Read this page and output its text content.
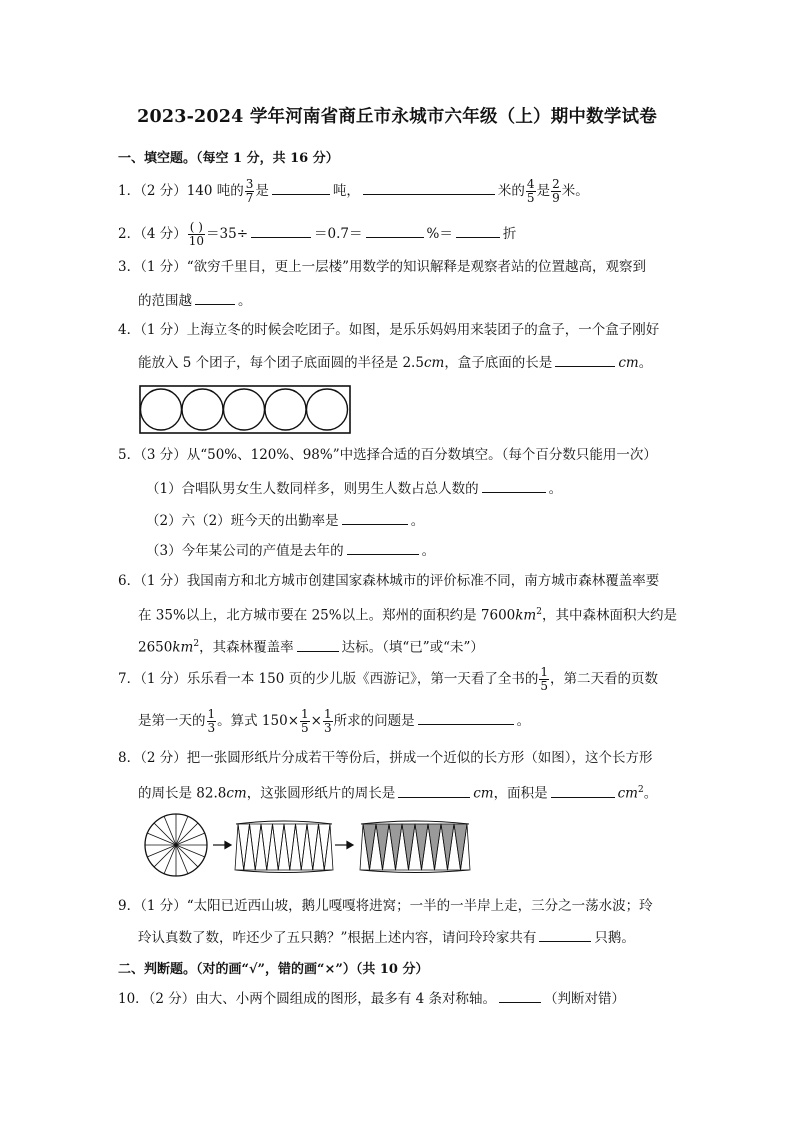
2023-2024 学年河南省商丘市永城市六年级（上）期中数学试卷
一、填空题。（每空 1 分，共 16 分）
1．（2 分）140 吨的 $\frac{3}{7}$ 是	吨，	米的 $\frac{4}{5}$ 是 $\frac{2}{9}$ 米。
2．（4 分） $\frac{( )}{10} =35\div$	＝0.7＝	%＝	折
3．（1 分）“欲穷千里目，更上一层楼”用数学的知识解释是观察者站的位置越高，观察到
的范围越	。
4．（1 分）上海立冬的时候会吃团子。如图，是乐乐妈妈用来装团子的盒子，一个盒子刚好
能放入 5 个团子，每个团子底面圆的半径是 2.5cm，盒子底面的长是	cm。
5．（3 分）从“50%、120%、98%”中选择合适的百分数填空。（每个百分数只能用一次）
（1）合唱队男女生人数同样多，则男生人数占总人数的	。
（2）六（2）班今天的出勤率是	。
（3）今年某公司的产值是去年的	。
6．（1 分）我国南方和北方城市创建国家森林城市的评价标准不同，南方城市森林覆盖率要
在 35%以上，北方城市要在 25%以上。郑州的面积约是 $7600km^2$，其中森林面积大约是
$2650km^2$，其森林覆盖率	达标。（填“已”或“未”）
7．（1 分）乐乐看一本 150 页的少儿版《西游记》，第一天看了全书的 $\frac{1}{5}$ ，第二天看的页数
是第一天的 $\frac{1}{3}$ 。算式 $150\times \frac{1}{5} \times \frac{1}{3}$ 所求的问题是	。
8．（2 分）把一张圆形纸片分成若干等份后，拼成一个近似的长方形（如图），这个长方形
的周长是 82.8cm，这张圆形纸片的周长是	cm，面积是	$cm^2$。
9．（1 分）“太阳已近西山坡，鹅儿嘎嘎将进窝；一半的一半岸上走，三分之一荡水波；玲
玲认真数了数，咋还少了五只鹅？”根据上述内容，请问玲玲家共有	只鹅。
二、判断题。（对的画“√”，错的画“×”）（共 10 分）
10．（2 分）由大、小两个圆组成的图形，最多有 4 条对称轴。	（判断对错）
